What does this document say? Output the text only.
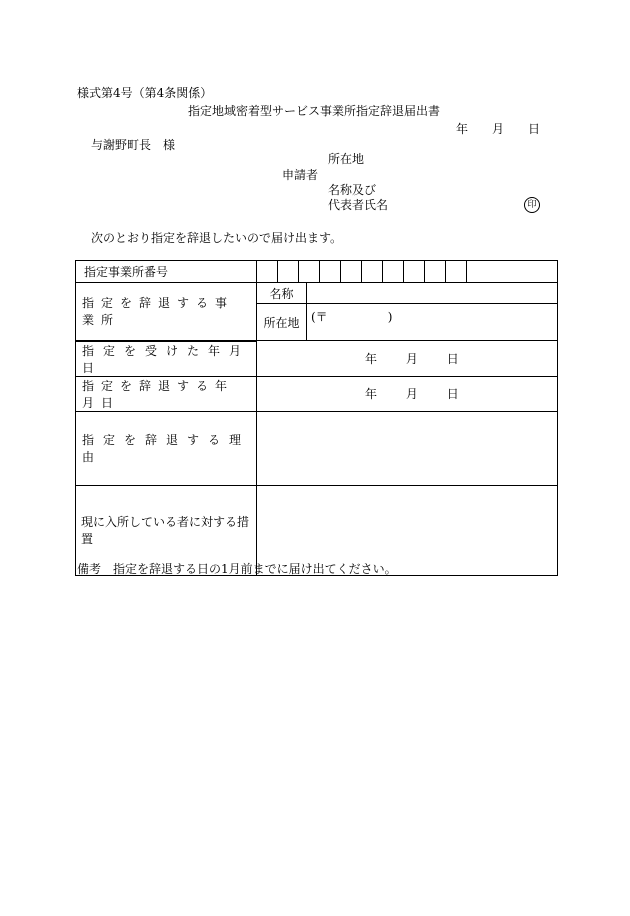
様式第4号（第4条関係）
指定地域密着型サービス事業所指定辞退届出書
年 月 日
与謝野町長　様
所在地
申請者
名称及び
代表者氏名	印
次のとおり指定を辞退したいので届け出ます。
指定事業所番号		

指定を辞退する事業所	名称	
	所在地	(〒 )

指定を受けた年月日	年 月 日	

指定を辞退する年月日	年 月 日	

指定を辞退する理由		

現に入所している者に対する措置		
備考　指定を辞退する日の1月前までに届け出てください。
